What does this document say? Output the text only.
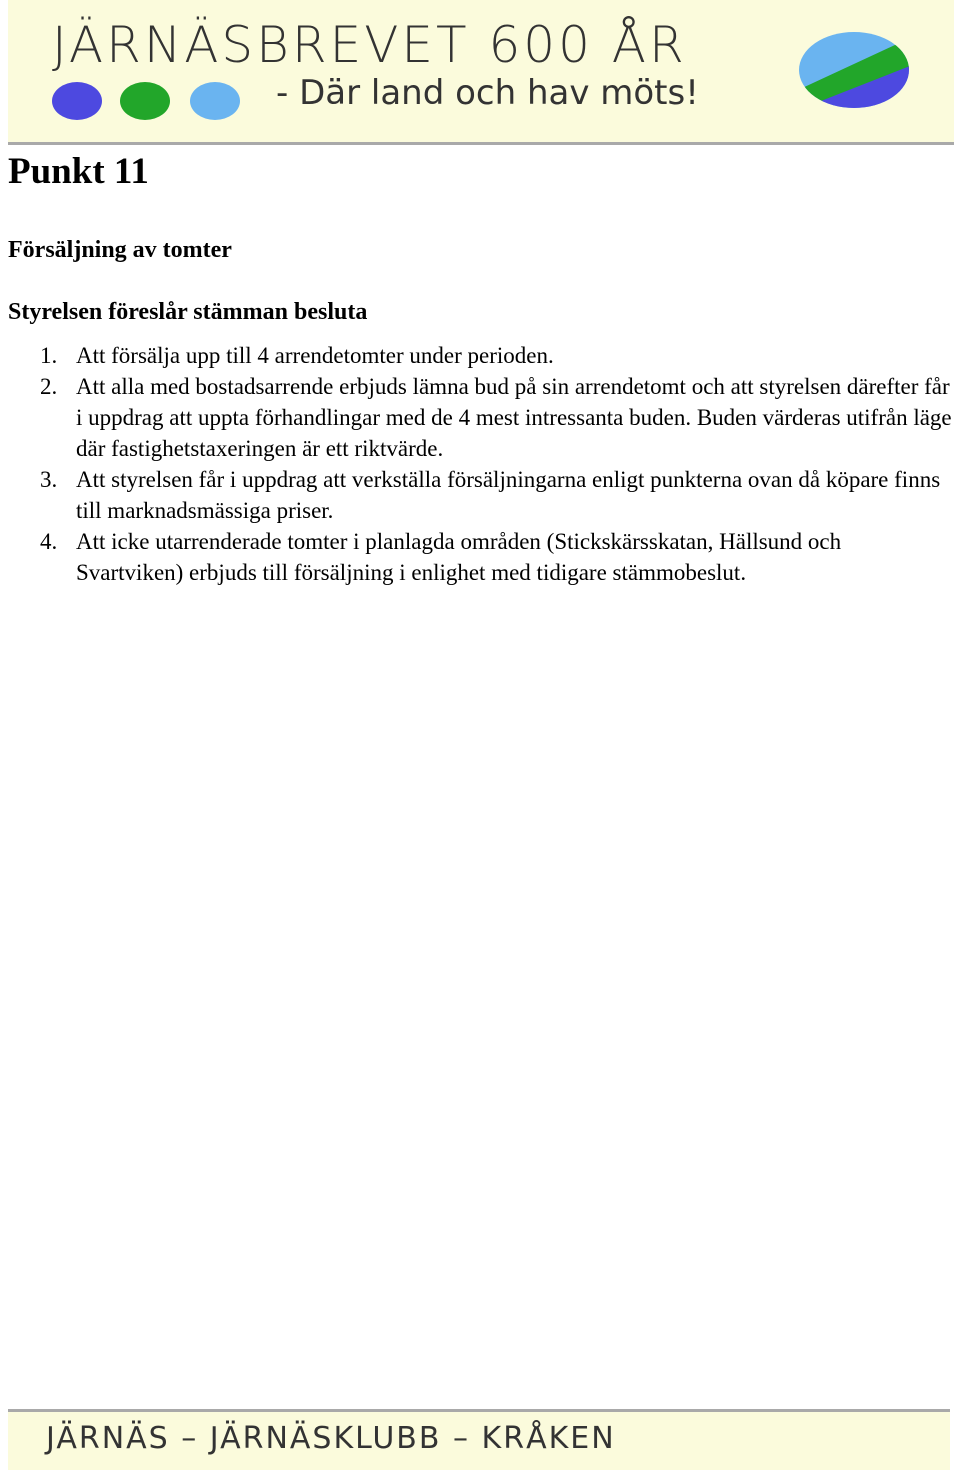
JÄRNÄSBREVET 600 ÅR
- Där land och hav möts!
Punkt 11
Försäljning av tomter
Styrelsen föreslår stämman besluta
1. Att försälja upp till 4 arrendetomter under perioden.
2. Att alla med bostadsarrende erbjuds lämna bud på sin arrendetomt och att styrelsen därefter får i uppdrag att uppta förhandlingar med de 4 mest intressanta buden. Buden värderas utifrån läge där fastighetstaxeringen är ett riktvärde.
3. Att styrelsen får i uppdrag att verkställa försäljningarna enligt punkterna ovan då köpare finns till marknadsmässiga priser.
4. Att icke utarrenderade tomter i planlagda områden (Stickskärsskatan, Hällsund och Svartviken) erbjuds till försäljning i enlighet med tidigare stämmobeslut.
JÄRNÄS – JÄRNÄSKLUBB – KRÅKEN
